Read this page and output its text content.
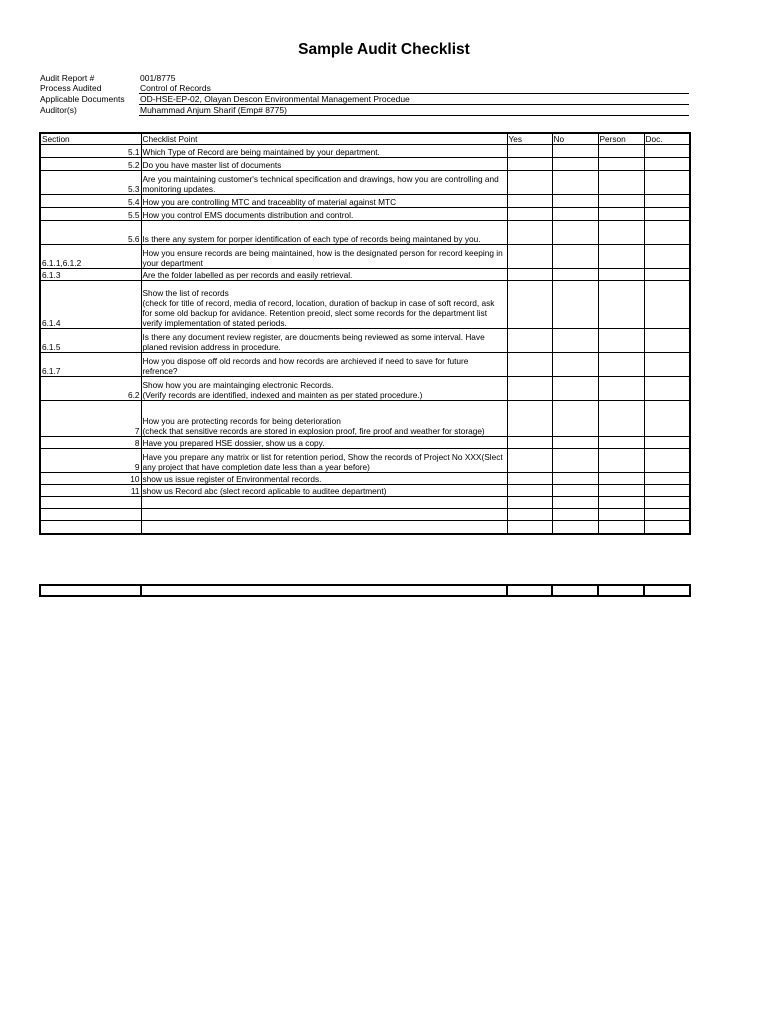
Sample Audit Checklist
Audit Report #	001/8775
Process Audited	Control of Records
Applicable Documents	OD-HSE-EP-02, Olayan Descon Environmental Management Procedue
Auditor(s)	Muhammad Anjum Sharif (Emp# 8775)
Section	Checklist Point	Yes	No	Person	Doc.
5.1	Which Type of Record are being maintained by your department.				
5.2	Do you have master list of documents				
5.3	Are you maintaining customer's technical specification and drawings, how you are controlling and monitoring updates.				
5.4	How you are controlling MTC and traceablity of material against MTC				
5.5	How you control EMS documents distribution and control.				
5.6	Is there any system for porper identification of each type of records being maintaned by you.				
6.1.1,6.1.2	How you ensure records are being maintained, how is the designated person for record keeping in your department				
6.1.3	Are the folder labelled as per records and easily retrieval.				
6.1.4	Show the list of records
(check for title of record, media of record, location, duration of backup in case of soft record, ask for some old backup for avidance. Retention preoid, slect some records for the department list verify implementation of stated periods.				
6.1.5	Is there any document review register, are doucments being reviewed as some interval. Have planed revision address in procedure.				
6.1.7	How you dispose off old records and how records are archieved if need to save for future refrence?				
6.2	Show how you are maintainging electronic Records.
(Verify records are identified, indexed and mainten as per stated procedure.)				
7	How you are protecting records for being deterioration
(check that sensitive records are stored in explosion proof, fire proof and weather for storage)				
8	Have you prepared HSE dossier, show us a copy.				
9	Have you prepare any matrix or list for retention period, Show the records of Project No XXX(Slect any project that have completion date less than a year before)				
10	show us issue register of Environmental records.				
11	show us Record abc (slect record aplicable to auditee department)				
